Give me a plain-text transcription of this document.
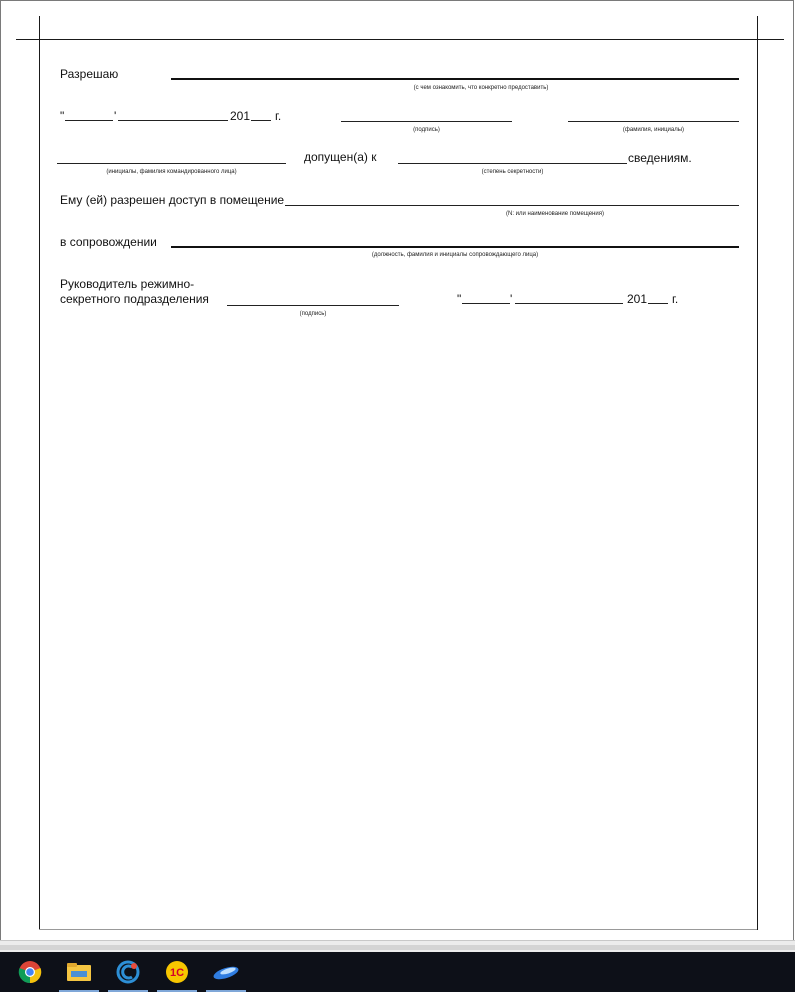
Разрешаю
(с чем ознакомить, что конкретно предоставить)
"	'	201 г.
(подпись)	(фамилия, инициалы)
(инициалы, фамилия командированного лица)
допущен(а) к
(степень секретности)
сведениям.
Ему (ей) разрешен доступ в помещение
(N: или наименование помещения)
в сопровождении
(должность, фамилия и инициалы сопровождающего лица)
Руководитель режимно-
секретного подразделения
(подпись)
"	'	201 г.
1С
